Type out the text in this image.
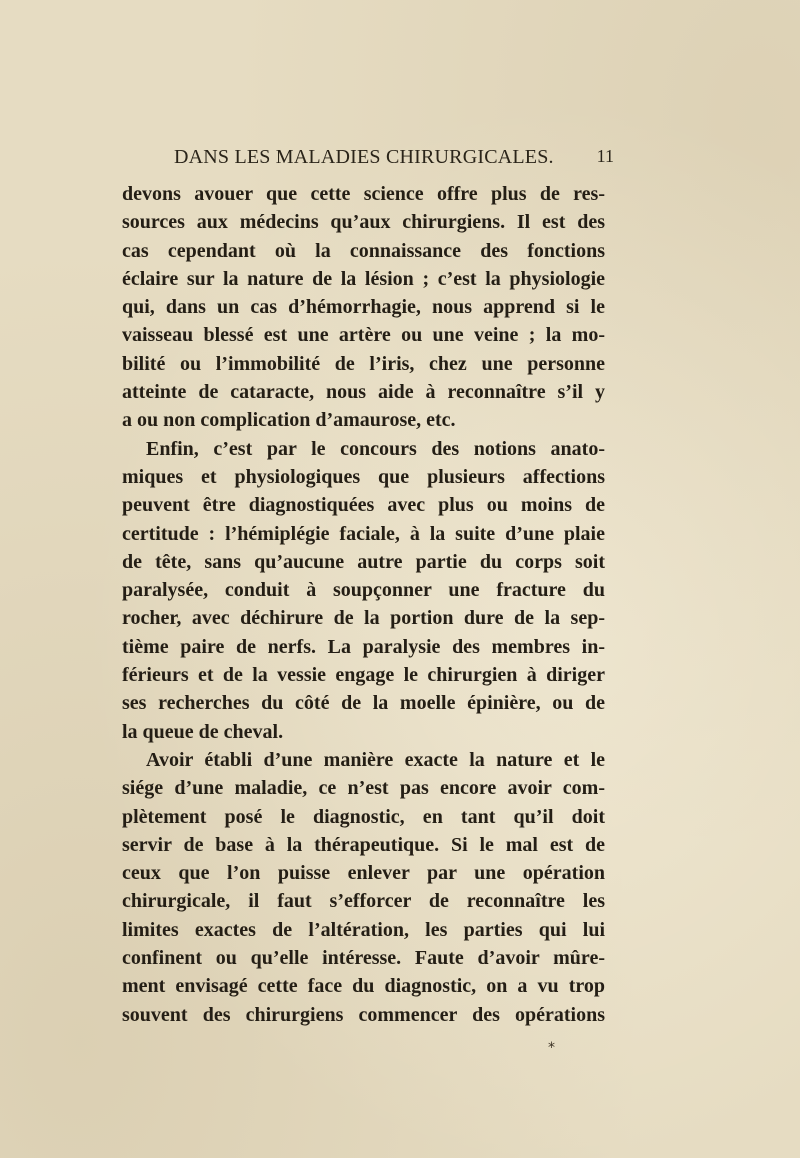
DANS LES MALADIES CHIRURGICALES. 11
devons avouer que cette science offre plus de res-
sources aux médecins qu’aux chirurgiens. Il est des
cas cependant où la connaissance des fonctions
éclaire sur la nature de la lésion ; c’est la physiologie
qui, dans un cas d’hémorrhagie, nous apprend si le
vaisseau blessé est une artère ou une veine ; la mo-
bilité ou l’immobilité de l’iris, chez une personne
atteinte de cataracte, nous aide à reconnaître s’il y
a ou non complication d’amaurose, etc.
Enfin, c’est par le concours des notions anato-
miques et physiologiques que plusieurs affections
peuvent être diagnostiquées avec plus ou moins de
certitude : l’hémiplégie faciale, à la suite d’une plaie
de tête, sans qu’aucune autre partie du corps soit
paralysée, conduit à soupçonner une fracture du
rocher, avec déchirure de la portion dure de la sep-
tième paire de nerfs. La paralysie des membres in-
férieurs et de la vessie engage le chirurgien à diriger
ses recherches du côté de la moelle épinière, ou de
la queue de cheval.
Avoir établi d’une manière exacte la nature et le
siége d’une maladie, ce n’est pas encore avoir com-
plètement posé le diagnostic, en tant qu’il doit
servir de base à la thérapeutique. Si le mal est de
ceux que l’on puisse enlever par une opération
chirurgicale, il faut s’efforcer de reconnaître les
limites exactes de l’altération, les parties qui lui
confinent ou qu’elle intéresse. Faute d’avoir mûre-
ment envisagé cette face du diagnostic, on a vu trop
souvent des chirurgiens commencer des opérations
*
